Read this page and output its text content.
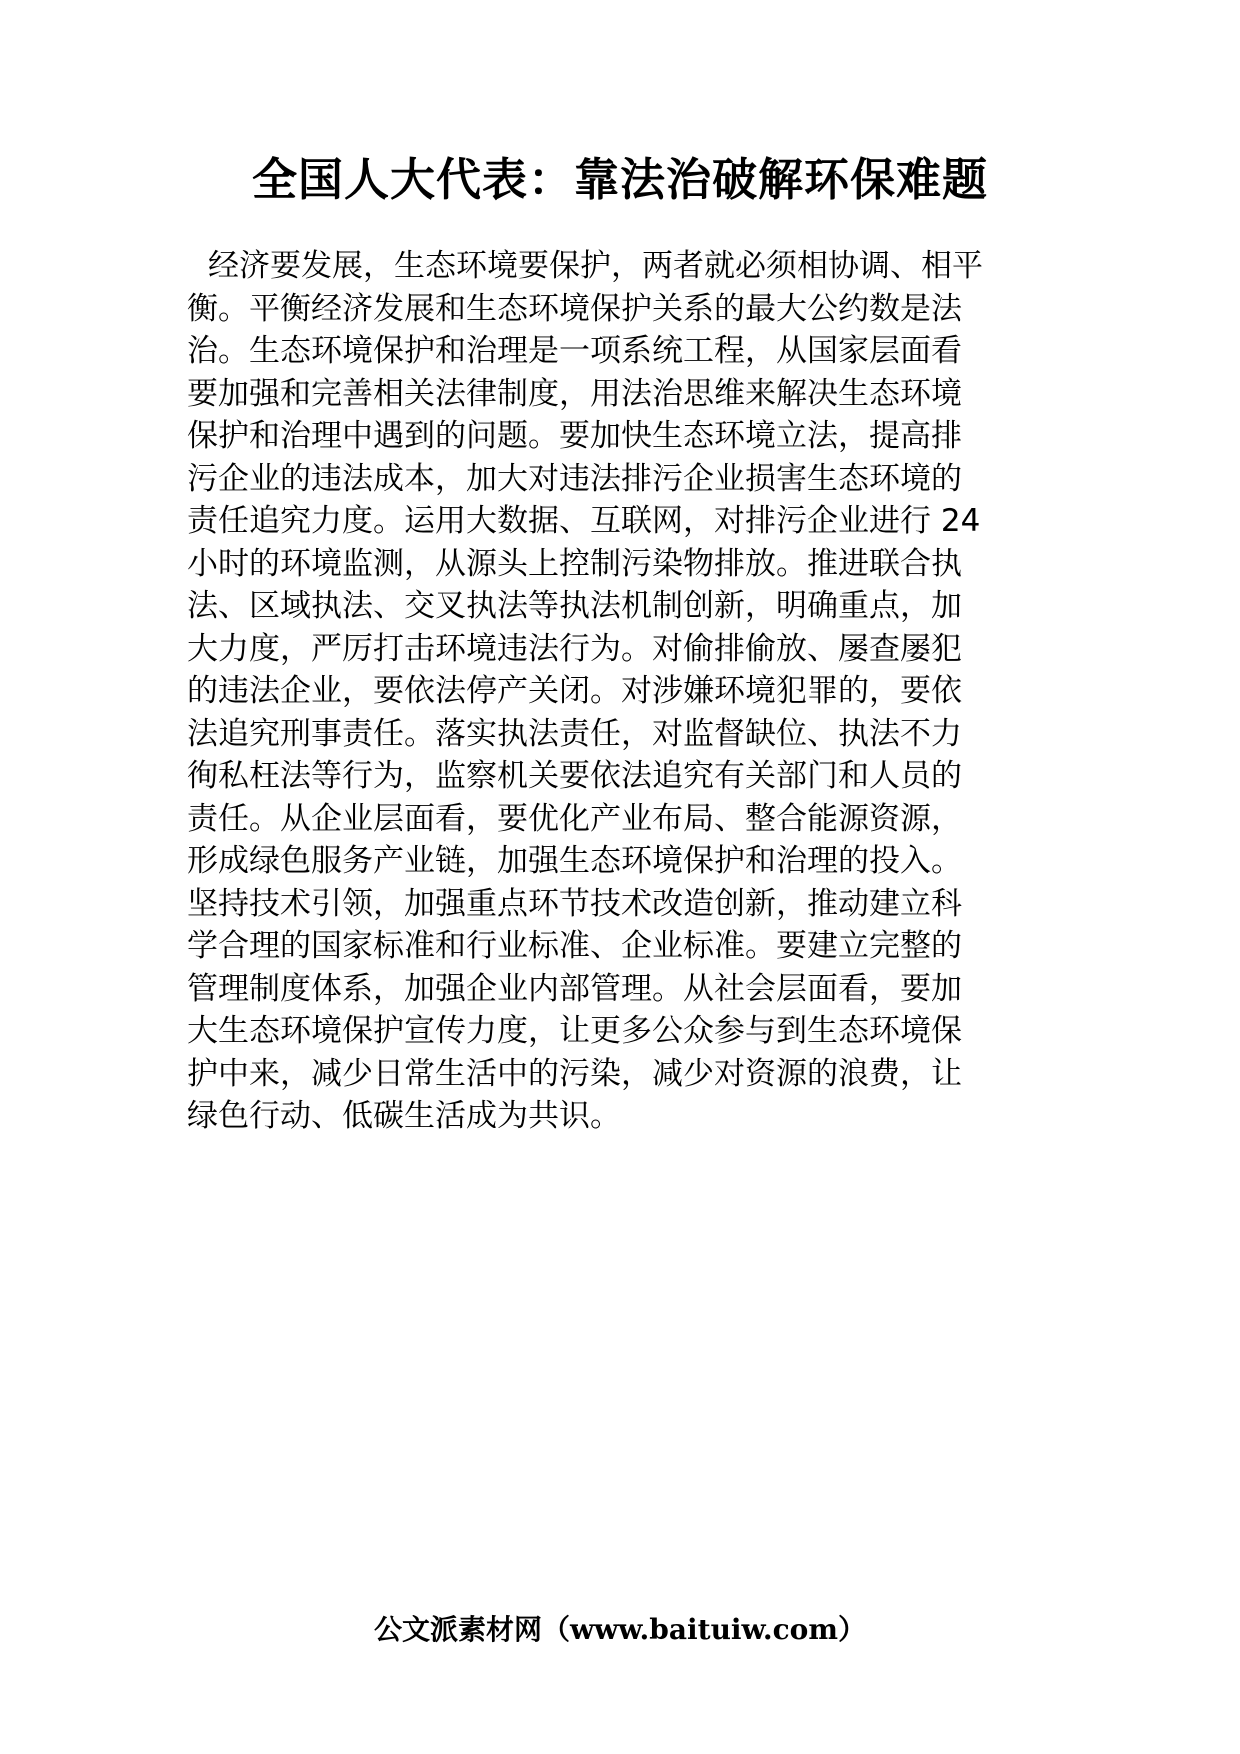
全国人大代表：靠法治破解环保难题
经济要发展，生态环境要保护，两者就必须相协调、相平
衡。平衡经济发展和生态环境保护关系的最大公约数是法
治。生态环境保护和治理是一项系统工程，从国家层面看
要加强和完善相关法律制度，用法治思维来解决生态环境
保护和治理中遇到的问题。要加快生态环境立法，提高排
污企业的违法成本，加大对违法排污企业损害生态环境的
责任追究力度。运用大数据、互联网，对排污企业进行 24
小时的环境监测，从源头上控制污染物排放。推进联合执
法、区域执法、交叉执法等执法机制创新，明确重点，加
大力度，严厉打击环境违法行为。对偷排偷放、屡查屡犯
的违法企业，要依法停产关闭。对涉嫌环境犯罪的，要依
法追究刑事责任。落实执法责任，对监督缺位、执法不力
徇私枉法等行为，监察机关要依法追究有关部门和人员的
责任。从企业层面看，要优化产业布局、整合能源资源，
形成绿色服务产业链，加强生态环境保护和治理的投入。
坚持技术引领，加强重点环节技术改造创新，推动建立科
学合理的国家标准和行业标准、企业标准。要建立完整的
管理制度体系，加强企业内部管理。从社会层面看，要加
大生态环境保护宣传力度，让更多公众参与到生态环境保
护中来，减少日常生活中的污染，减少对资源的浪费，让
绿色行动、低碳生活成为共识。
公文派素材网（www.baituiw.com）
